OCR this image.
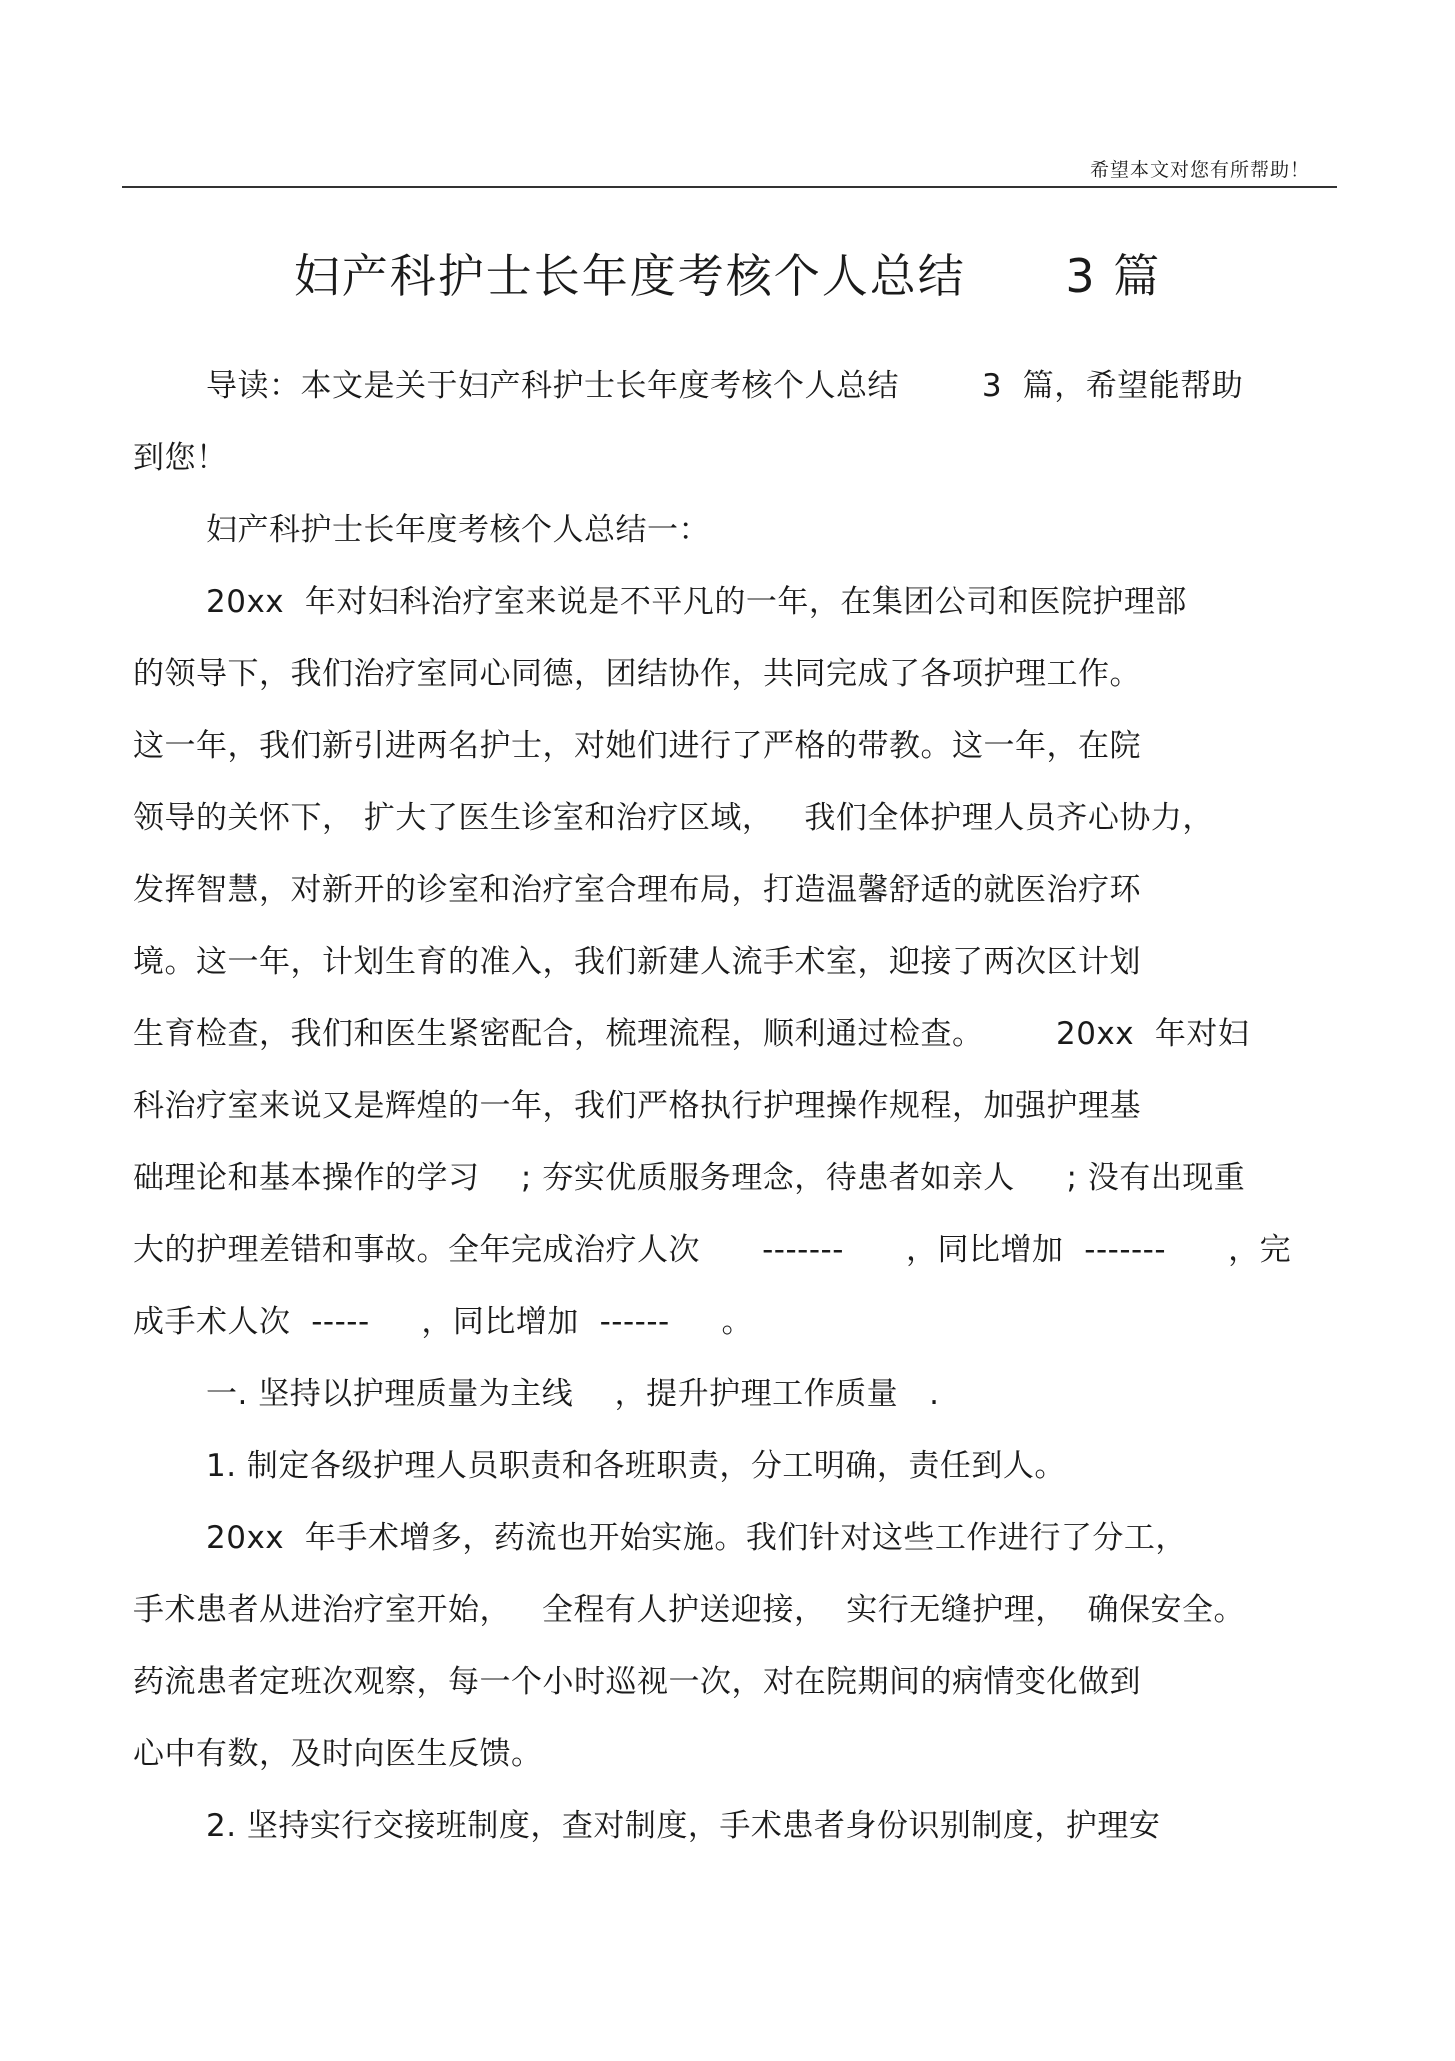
希望本文对您有所帮助！
妇产科护士长年度考核个人总结      3 篇
导读：本文是关于妇产科护士长年度考核个人总结        3  篇，希望能帮助
到您！
妇产科护士长年度考核个人总结一：
20xx  年对妇科治疗室来说是不平凡的一年，在集团公司和医院护理部
的领导下，我们治疗室同心同德，团结协作，共同完成了各项护理工作。
这一年，我们新引进两名护士，对她们进行了严格的带教。这一年，在院
领导的关怀下， 扩大了医生诊室和治疗区域，   我们全体护理人员齐心协力，
发挥智慧，对新开的诊室和治疗室合理布局，打造温馨舒适的就医治疗环
境。这一年，计划生育的准入，我们新建人流手术室，迎接了两次区计划
生育检查，我们和医生紧密配合，梳理流程，顺利通过检查。       20xx  年对妇
科治疗室来说又是辉煌的一年，我们严格执行护理操作规程，加强护理基
础理论和基本操作的学习    ; 夯实优质服务理念，待患者如亲人     ; 没有出现重
大的护理差错和事故。全年完成治疗人次      -------      ，同比增加  -------      ，完
成手术人次  -----     ，同比增加  ------     。
一. 坚持以护理质量为主线    ，提升护理工作质量   .
1. 制定各级护理人员职责和各班职责，分工明确，责任到人。
20xx  年手术增多，药流也开始实施。我们针对这些工作进行了分工，
手术患者从进治疗室开始，   全程有人护送迎接，  实行无缝护理，  确保安全。
药流患者定班次观察，每一个小时巡视一次，对在院期间的病情变化做到
心中有数，及时向医生反馈。
2. 坚持实行交接班制度，查对制度，手术患者身份识别制度，护理安
